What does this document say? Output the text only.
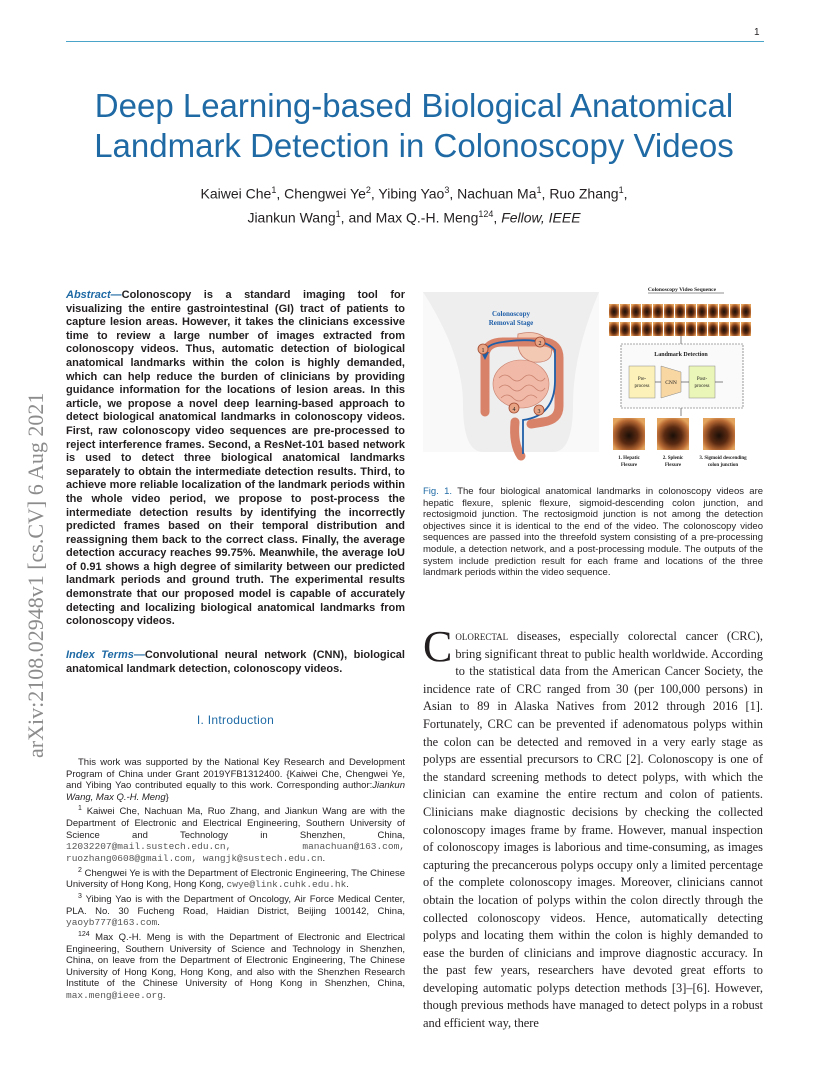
1
Deep Learning-based Biological Anatomical
Landmark Detection in Colonoscopy Videos
Kaiwei Che$^1$, Chengwei Ye$^2$, Yibing Yao$^3$, Nachuan Ma$^1$, Ruo Zhang$^1$,
Jiankun Wang$^1$, and Max Q.-H. Meng$^{124}$, Fellow, IEEE
arXiv:2108.02948v1 [cs.CV] 6 Aug 2021
Abstract—Colonoscopy is a standard imaging tool for visualizing the entire gastrointestinal (GI) tract of patients to capture lesion areas. However, it takes the clinicians excessive time to review a large number of images extracted from colonoscopy videos. Thus, automatic detection of biological anatomical landmarks within the colon is highly demanded, which can help reduce the burden of clinicians by providing guidance information for the locations of lesion areas. In this article, we propose a novel deep learning-based approach to detect biological anatomical landmarks in colonoscopy videos. First, raw colonoscopy video sequences are pre-processed to reject interference frames. Second, a ResNet-101 based network is used to detect three biological anatomical landmarks separately to obtain the intermediate detection results. Third, to achieve more reliable localization of the landmark periods within the whole video period, we propose to post-process the intermediate detection results by identifying the incorrectly predicted frames based on their temporal distribution and reassigning them back to the correct class. Finally, the average detection accuracy reaches 99.75%. Meanwhile, the average IoU of 0.91 shows a high degree of similarity between our predicted landmark periods and ground truth. The experimental results demonstrate that our proposed model is capable of accurately detecting and localizing biological anatomical landmarks from colonoscopy videos.
Index Terms—Convolutional neural network (CNN), biological anatomical landmark detection, colonoscopy videos.
I. Introduction

This work was supported by the National Key Research and Development Program of China under Grant 2019YFB1312400. {Kaiwei Che, Chengwei Ye, and Yibing Yao contributed equally to this work. Corresponding author:Jiankun Wang, Max Q.-H. Meng}

$^1$ Kaiwei Che, Nachuan Ma, Ruo Zhang, and Jiankun Wang are with the Department of Electronic and Electrical Engineering, Southern University of Science and Technology in Shenzhen, China, 12032207@mail.sustech.edu.cn, manachuan@163.com, ruozhang0608@gmail.com, wangjk@sustech.edu.cn.

$^2$ Chengwei Ye is with the Department of Electronic Engineering, The Chinese University of Hong Kong, Hong Kong, cwye@link.cuhk.edu.hk.

$^3$ Yibing Yao is with the Department of Oncology, Air Force Medical Center, PLA. No. 30 Fucheng Road, Haidian District, Beijing 100142, China, yaoyb777@163.com.

$^{124}$ Max Q.-H. Meng is with the Department of Electronic and Electrical Engineering, Southern University of Science and Technology in Shenzhen, China, on leave from the Department of Electronic Engineering, The Chinese University of Hong Kong, Hong Kong, and also with the Shenzhen Research Institute of the Chinese University of Hong Kong in Shenzhen, China, max.meng@ieee.org.

Colonoscopy
Removal Stage
1
2
3
4
Colonoscopy Video Sequence
Landmark Detection
Pre-
process
CNN
Post-
process
1. Hepatic
Flexure
2. Splenic
Flexure
3. Sigmoid descending
colon junction
Fig. 1. The four biological anatomical landmarks in colonoscopy videos are hepatic flexure, splenic flexure, sigmoid-descending colon junction, and rectosigmoid junction. The rectosigmoid junction is not among the detection objectives since it is identical to the end of the video. The colonoscopy video sequences are passed into the threefold system consisting of a pre-processing module, a detection network, and a post-processing module. The outputs of the system include prediction result for each frame and locations of the three landmark periods within the video sequence.
Colorectal diseases, especially colorectal cancer (CRC), bring significant threat to public health worldwide. According to the statistical data from the American Cancer Society, the incidence rate of CRC ranged from 30 (per 100,000 persons) in Asian to 89 in Alaska Natives from 2012 through 2016 [1]. Fortunately, CRC can be prevented if adenomatous polyps within the colon can be detected and removed in a very early stage as polyps are essential precursors to CRC [2]. Colonoscopy is one of the standard screening methods to detect polyps, with which the clinician can examine the entire rectum and colon of patients. Clinicians make diagnostic decisions by checking the collected colonoscopy images frame by frame. However, manual inspection of colonoscopy images is laborious and time-consuming, as images capturing the precancerous polyps occupy only a limited percentage of the complete colonoscopy images. Moreover, clinicians cannot obtain the location of polyps within the colon directly through the collected colonoscopy videos. Hence, automatically detecting polyps and locating them within the colon is highly demanded to ease the burden of clinicians and improve diagnostic accuracy. In the past few years, researchers have devoted great efforts to developing automatic polyps detection methods [3]–[6]. However, though previous methods have managed to detect polyps in a robust and efficient way, there
